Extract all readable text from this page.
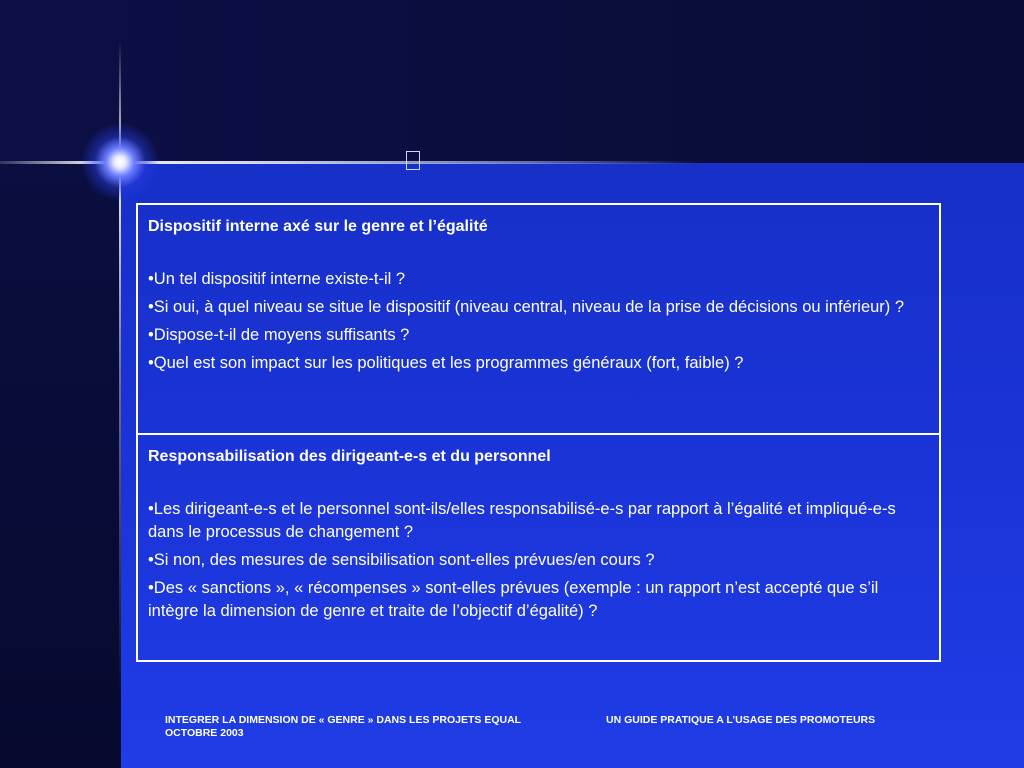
Dispositif interne axé sur le genre et l’égalité

•Un tel dispositif interne existe-t-il ?

•Si oui, à quel niveau se situe le dispositif (niveau central, niveau de la prise de décisions ou inférieur) ?

•Dispose-t-il de moyens suffisants ?

•Quel est son impact sur les politiques et les programmes généraux (fort, faible) ?

Responsabilisation des dirigeant-e-s et du personnel

•Les dirigeant-e-s et le personnel sont-ils/elles responsabilisé-e-s par rapport à l’égalité et impliqué-e-s dans le processus de changement ?

•Si non, des mesures de sensibilisation sont-elles prévues/en cours ?

•Des « sanctions », « récompenses » sont-elles prévues (exemple : un rapport n’est accepté que s’il intègre la dimension de genre et traite de l’objectif d’égalité) ?

INTEGRER LA DIMENSION DE « GENRE » DANS LES PROJETS EQUAL
OCTOBRE 2003
UN GUIDE PRATIQUE A L’USAGE DES PROMOTEURS
